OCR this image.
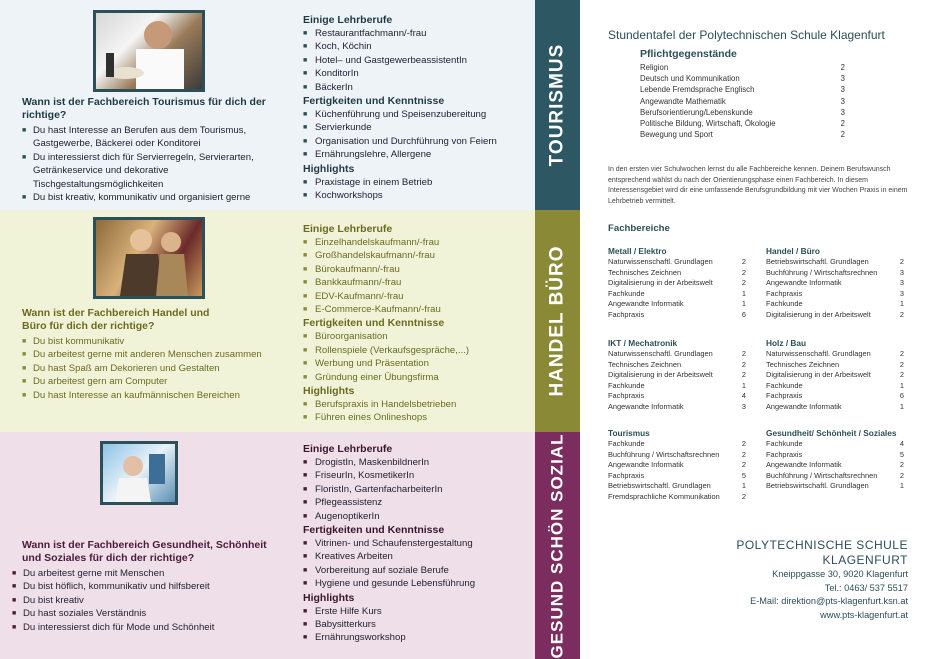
Wann ist der Fachbereich Tourismus für dich der richtige?
■ Du hast Interesse an Berufen aus dem Tourismus, Gastgewerbe, Bäckerei oder Konditorei
■ Du interessierst dich für Servierregeln, Servierarten, Getränkeservice und dekorative Tischgestaltungsmöglichkeiten
■ Du bist kreativ, kommunikativ und organisiert gerne
Einige Lehrberufe
■ Restaurantfachmann/-frau
■ Koch, Köchin
■ Hotel– und GastgewerbeassistentIn
■ KonditorIn
■ BäckerIn
Fertigkeiten und Kenntnisse
■ Küchenführung und Speisenzubereitung
■ Servierkunde
■ Organisation und Durchführung von Feiern
■ Ernährungslehre, Allergene
Highlights
■ Praxistage in einem Betrieb
■ Kochworkshops
TOURISMUS
Wann ist der Fachbereich Handel und Büro für dich der richtige?
■ Du bist kommunikativ
■ Du arbeitest gerne mit anderen Menschen zusammen
■ Du hast Spaß am Dekorieren und Gestalten
■ Du arbeitest gern am Computer
■ Du hast Interesse an kaufmännischen Bereichen
Einige Lehrberufe
■ Einzelhandelskaufmann/-frau
■ Großhandelskaufmann/-frau
■ Bürokaufmann/-frau
■ Bankkaufmann/-frau
■ EDV-Kaufmann/-frau
■ E-Commerce-Kaufmann/-frau
Fertigkeiten und Kenntnisse
■ Büroorganisation
■ Rollenspiele (Verkaufsgespräche,...)
■ Werbung und Präsentation
■ Gründung einer Übungsfirma
Highlights
■ Berufspraxis in Handelsbetrieben
■ Führen eines Onlineshops
HANDEL BÜRO
Wann ist der Fachbereich Gesundheit, Schönheit und Soziales für dich der richtige?
■ Du arbeitest gerne mit Menschen
■ Du bist höflich, kommunikativ und hilfsbereit
■ Du bist kreativ
■ Du hast soziales Verständnis
■ Du interessierst dich für Mode und Schönheit
Einige Lehrberufe
■ DrogistIn, MaskenbildnerIn
■ FriseurIn, KosmetikerIn
■ FloristIn, GartenfacharbeiterIn
■ Pflegeassistenz
■ AugenoptikerIn
Fertigkeiten und Kenntnisse
■ Vitrinen- und Schaufenstergestaltung
■ Kreatives Arbeiten
■ Vorbereitung auf soziale Berufe
■ Hygiene und gesunde Lebensführung
Highlights
■ Erste Hilfe Kurs
■ Babysitterkurs
■ Ernährungsworkshop	GESUND SCHÖN SOZIAL
Stundentafel der Polytechnischen Schule Klagenfurt
Pflichtgegenstände
Religion	2
Deutsch und Kommunikation	3
Lebende Fremdsprache Englisch	3
Angewandte Mathematik	3
Berufsorientierung/Lebenskunde	3
Politische Bildung, Wirtschaft, Ökologie	2
Bewegung und Sport	2
In den ersten vier Schulwochen lernst du alle Fachbereiche kennen. Deinem Berufswunsch entsprechend wählst du nach der Orientierungsphase einen Fachbereich. In diesem Interessensgebiet wird dir eine umfassende Berufsgrundbildung mit vier Wochen Praxis in einem Lehrbetrieb vermittelt.
Fachbereiche
Metall / Elektro
Naturwissenschaftl. Grundlagen	2
Technisches Zeichnen	2
Digitalisierung in der Arbeitswelt	2
Fachkunde	1
Angewandte Informatik	1
Fachpraxis	6
Handel / Büro
Betriebswirtschaftl. Grundlagen	2
Buchführung / Wirtschaftsrechnen	3
Angewandte Informatik	3
Fachpraxis	3
Fachkunde	1
Digitalisierung in der Arbeitswelt	2
IKT / Mechatronik
Naturwissenschaftl. Grundlagen	2
Technisches Zeichnen	2
Digitalisierung in der Arbeitswelt	2
Fachkunde	1
Fachpraxis	4
Angewandte Informatik	3
Holz / Bau
Naturwissenschaftl. Grundlagen	2
Technisches Zeichnen	2
Digitalisierung in der Arbeitswelt	2
Fachkunde	1
Fachpraxis	6
Angewandte Informatik	1
Tourismus
Fachkunde	2
Buchführung / Wirtschaftsrechnen	2
Angewandte Informatik	2
Fachpraxis	5
Betriebswirtschaftl. Grundlagen	1
Fremdsprachliche Kommunikation	2
Gesundheit/ Schönheit / Soziales
Fachkunde	4
Fachpraxis	5
Angewandte Informatik	2
Buchführung / Wirtschaftsrechnen	2
Betriebswirtschaftl. Grundlagen	1
POLYTECHNISCHE SCHULE
KLAGENFURT
Kneippgasse 30, 9020 Klagenfurt
Tel.: 0463/ 537 5517
E-Mail: direktion@pts-klagenfurt.ksn.at
www.pts-klagenfurt.at
